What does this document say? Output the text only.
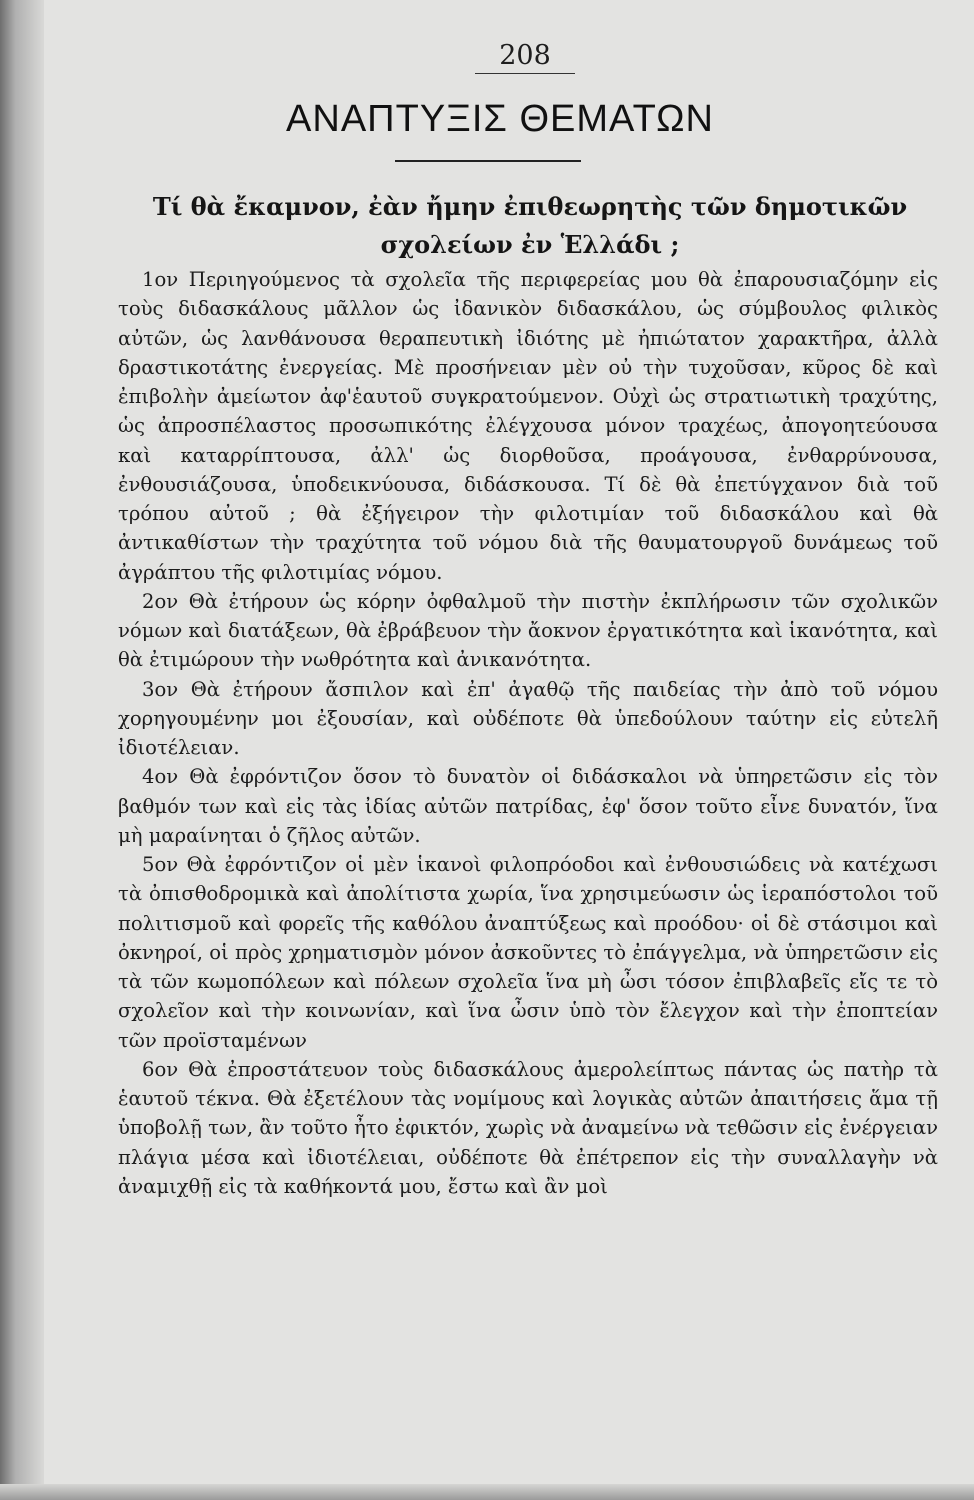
208
ΑΝΑΠΤΥΞΙΣ ΘΕΜΑΤΩΝ
Τί θὰ ἔκαμνον, ἐὰν ἤμην ἐπιθεωρητὴς τῶν δημοτικῶν σχολείων ἐν Ἑλλάδι ;

1ον Περιηγούμενος τὰ σχολεῖα τῆς περιφερείας μου θὰ ἐπαρουσιαζόμην εἰς τοὺς διδασκάλους μᾶλλον ὡς ἰδανικὸν διδασκάλου, ὡς σύμβουλος φιλικὸς αὐτῶν, ὡς λανθάνουσα θεραπευτικὴ ἰδιότης μὲ ἠπιώτατον χαρακτῆρα, ἀλλὰ δραστικοτάτης ἐνεργείας. Μὲ προσήνειαν μὲν οὐ τὴν τυχοῦσαν, κῦρος δὲ καὶ ἐπιβολὴν ἀμείωτον ἀφ'ἑαυτοῦ συγκρατούμενον. Οὐχὶ ὡς στρατιωτικὴ τραχύτης, ὡς ἀπροσπέλαστος προσωπικότης ἐλέγχουσα μόνον τραχέως, ἀπογοητεύουσα καὶ καταρρίπτουσα, ἀλλ' ὡς διορθοῦσα, προάγουσα, ἐνθαρρύνουσα, ἐνθουσιάζουσα, ὑποδεικνύουσα, διδάσκουσα. Τί δὲ θὰ ἐπετύγχανον διὰ τοῦ τρόπου αὐτοῦ ; θὰ ἐξήγειρον τὴν φιλοτιμίαν τοῦ διδασκάλου καὶ θὰ ἀντικαθίστων τὴν τραχύτητα τοῦ νόμου διὰ τῆς θαυματουργοῦ δυνάμεως τοῦ ἀγράπτου τῆς φιλοτιμίας νόμου.

2ον Θὰ ἐτήρουν ὡς κόρην ὀφθαλμοῦ τὴν πιστὴν ἐκπλήρωσιν τῶν σχολικῶν νόμων καὶ διατάξεων, θὰ ἐβράβευον τὴν ἄοκνον ἐργατικότητα καὶ ἱκανότητα, καὶ θὰ ἐτιμώρουν τὴν νωθρότητα καὶ ἀνικανότητα.

3ον Θὰ ἐτήρουν ἄσπιλον καὶ ἐπ' ἀγαθῷ τῆς παιδείας τὴν ἀπὸ τοῦ νόμου χορηγουμένην μοι ἐξουσίαν, καὶ οὐδέποτε θὰ ὑπεδούλουν ταύτην εἰς εὐτελῆ ἰδιοτέλειαν.

4ον Θὰ ἐφρόντιζον ὅσον τὸ δυνατὸν οἱ διδάσκαλοι νὰ ὑπηρετῶσιν εἰς τὸν βαθμόν των καὶ εἰς τὰς ἰδίας αὐτῶν πατρίδας, ἐφ' ὅσον τοῦτο εἶνε δυνατόν, ἵνα μὴ μαραίνηται ὁ ζῆλος αὐτῶν.

5ον Θὰ ἐφρόντιζον οἱ μὲν ἱκανοὶ φιλοπρόοδοι καὶ ἐνθουσιώδεις νὰ κατέχωσι τὰ ὀπισθοδρομικὰ καὶ ἀπολίτιστα χωρία, ἵνα χρησιμεύωσιν ὡς ἱεραπόστολοι τοῦ πολιτισμοῦ καὶ φορεῖς τῆς καθόλου ἀναπτύξεως καὶ προόδου· οἱ δὲ στάσιμοι καὶ ὀκνηροί, οἱ πρὸς χρηματισμὸν μόνον ἀσκοῦντες τὸ ἐπάγγελμα, νὰ ὑπηρετῶσιν εἰς τὰ τῶν κωμοπόλεων καὶ πόλεων σχολεῖα ἵνα μὴ ὦσι τόσον ἐπιβλαβεῖς εἴς τε τὸ σχολεῖον καὶ τὴν κοινωνίαν, καὶ ἵνα ὦσιν ὑπὸ τὸν ἔλεγχον καὶ τὴν ἐποπτείαν τῶν προϊσταμένων

6ον Θὰ ἐπροστάτευον τοὺς διδασκάλους ἀμερολείπτως πάντας ὡς πατὴρ τὰ ἑαυτοῦ τέκνα. Θὰ ἐξετέλουν τὰς νομίμους καὶ λογικὰς αὐτῶν ἀπαιτήσεις ἅμα τῇ ὑποβολῇ των, ἂν τοῦτο ἦτο ἐφικτόν, χωρὶς νὰ ἀναμείνω νὰ τεθῶσιν εἰς ἐνέργειαν πλάγια μέσα καὶ ἰδιοτέλειαι, οὐδέποτε θὰ ἐπέτρεπον εἰς τὴν συναλλαγὴν νὰ ἀναμιχθῇ εἰς τὰ καθήκοντά μου, ἔστω καὶ ἂν μοὶ
